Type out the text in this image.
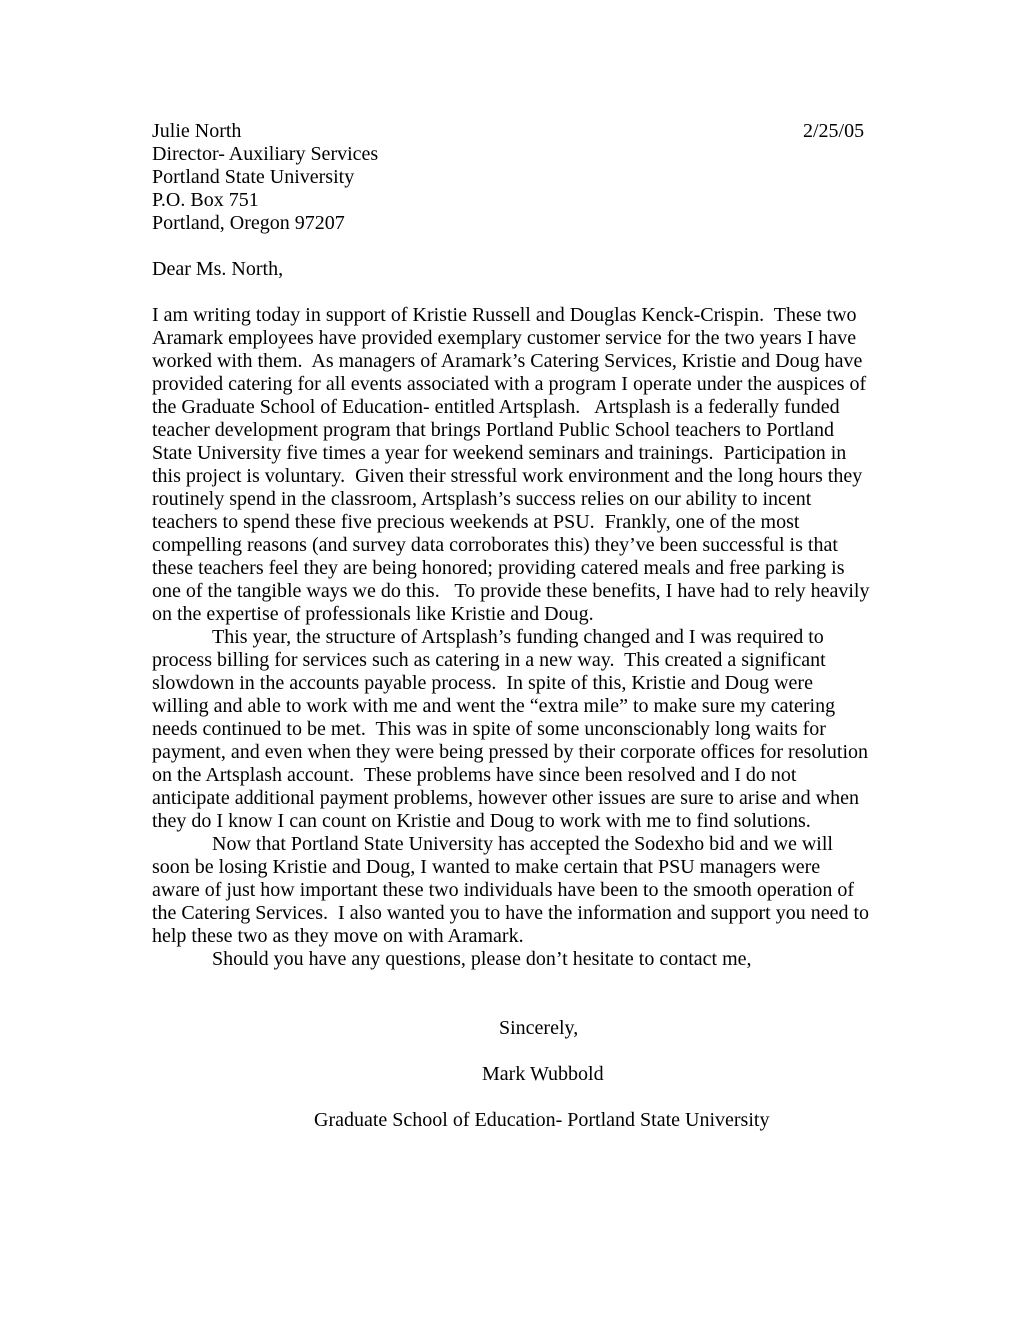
2/25/05
Julie North
Director- Auxiliary Services
Portland State University
P.O. Box 751
Portland, Oregon 97207
Dear Ms. North,
I am writing today in support of Kristie Russell and Douglas Kenck-Crispin.  These two
Aramark employees have provided exemplary customer service for the two years I have
worked with them.  As managers of Aramark’s Catering Services, Kristie and Doug have
provided catering for all events associated with a program I operate under the auspices of
the Graduate School of Education- entitled Artsplash.   Artsplash is a federally funded
teacher development program that brings Portland Public School teachers to Portland
State University five times a year for weekend seminars and trainings.  Participation in
this project is voluntary.  Given their stressful work environment and the long hours they
routinely spend in the classroom, Artsplash’s success relies on our ability to incent
teachers to spend these five precious weekends at PSU.  Frankly, one of the most
compelling reasons (and survey data corroborates this) they’ve been successful is that
these teachers feel they are being honored; providing catered meals and free parking is
one of the tangible ways we do this.   To provide these benefits, I have had to rely heavily
on the expertise of professionals like Kristie and Doug.
This year, the structure of Artsplash’s funding changed and I was required to
process billing for services such as catering in a new way.  This created a significant
slowdown in the accounts payable process.  In spite of this, Kristie and Doug were
willing and able to work with me and went the “extra mile” to make sure my catering
needs continued to be met.  This was in spite of some unconscionably long waits for
payment, and even when they were being pressed by their corporate offices for resolution
on the Artsplash account.  These problems have since been resolved and I do not
anticipate additional payment problems, however other issues are sure to arise and when
they do I know I can count on Kristie and Doug to work with me to find solutions.
Now that Portland State University has accepted the Sodexho bid and we will
soon be losing Kristie and Doug, I wanted to make certain that PSU managers were
aware of just how important these two individuals have been to the smooth operation of
the Catering Services.  I also wanted you to have the information and support you need to
help these two as they move on with Aramark.
Should you have any questions, please don’t hesitate to contact me,
Sincerely,
Mark Wubbold
Graduate School of Education- Portland State University
